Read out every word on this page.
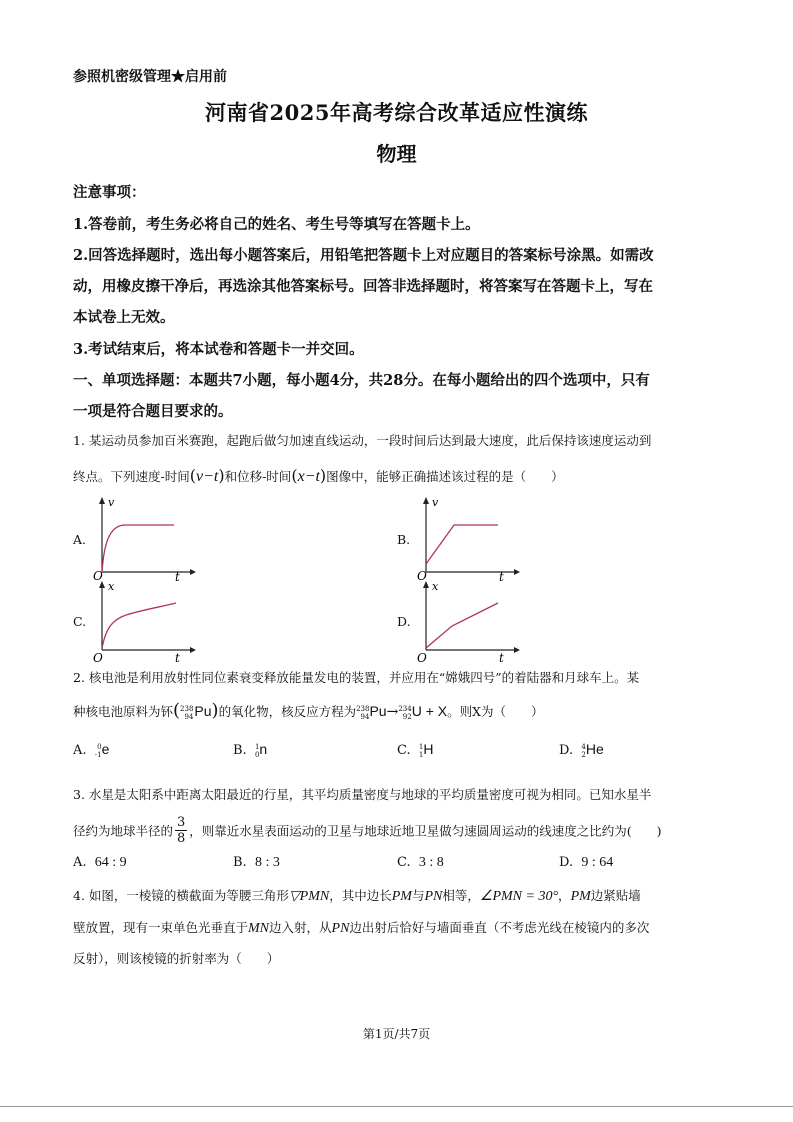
参照机密级管理★启用前
河南省2025年高考综合改革适应性演练
物理
注意事项：
1.答卷前，考生务必将自己的姓名、考生号等填写在答题卡上。
2.回答选择题时，选出每小题答案后，用铅笔把答题卡上对应题目的答案标号涂黑。如需改
动，用橡皮擦干净后，再选涂其他答案标号。回答非选择题时，将答案写在答题卡上，写在
本试卷上无效。
3.考试结束后，将本试卷和答题卡一并交回。
一、单项选择题：本题共7小题，每小题4分，共28分。在每小题给出的四个选项中，只有
一项是符合题目要求的。
1. 某运动员参加百米赛跑，起跑后做匀加速直线运动，一段时间后达到最大速度，此后保持该速度运动到
终点。下列速度-时间(v−t)和位移-时间(x−t)图像中，能够正确描述该过程的是（　　）
A.
v
t
O
B.
v
t
O
C.
x
t
O
D.
x
t
O
2. 核电池是利用放射性同位素衰变释放能量发电的装置，并应用在“嫦娥四号”的着陆器和月球车上。某
种核电池原料为钚(238
94Pu)的氧化物，核反应方程为238
94Pu→234
92U + X。则X为（　　）
A. 0
-1e	B. 1
0n	C. 1
1H	D. 4
2He
3. 水星是太阳系中距离太阳最近的行星，其平均质量密度与地球的平均质量密度可视为相同。已知水星半
径约为地球半径的 $\frac{3}{8}$ ，则靠近水星表面运动的卫星与地球近地卫星做匀速圆周运动的线速度之比约为(　　)
A. 64 : 9	B. 8 : 3	C. 3 : 8	D. 9 : 64
4. 如图，一棱镜的横截面为等腰三角形▽PMN，其中边长PM与PN相等，∠PMN = 30°，PM边紧贴墙
壁放置，现有一束单色光垂直于MN边入射，从PN边出射后恰好与墙面垂直（不考虑光线在棱镜内的多次
反射），则该棱镜的折射率为（　　）
第1页/共7页
